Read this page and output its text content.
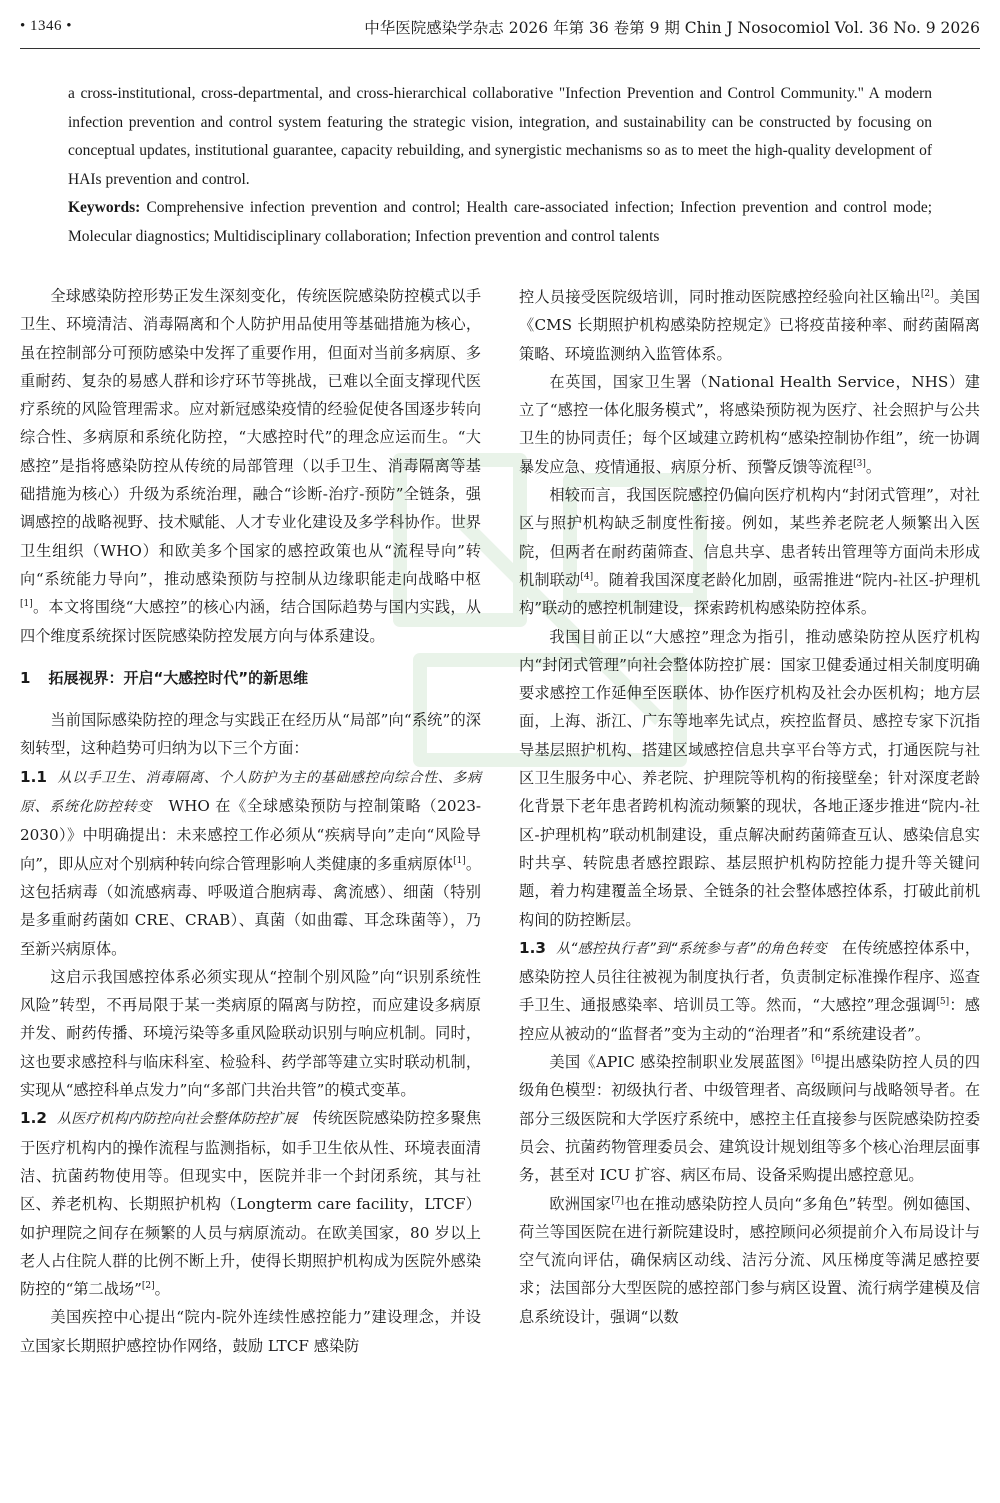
• 1346 •	中华医院感染学杂志 2026 年第 36 卷第 9 期 Chin J Nosocomiol Vol. 36 No. 9 2026

a cross-institutional, cross-departmental, and cross-hierarchical collaborative "Infection Prevention and Control Community." A modern infection prevention and control system featuring the strategic vision, integration, and sustainability can be constructed by focusing on conceptual updates, institutional guarantee, capacity rebuilding, and synergistic mechanisms so as to meet the high-quality development of HAIs prevention and control.

Keywords: Comprehensive infection prevention and control; Health care-associated infection; Infection prevention and control mode; Molecular diagnostics; Multidisciplinary collaboration; Infection prevention and control talents

全球感染防控形势正发生深刻变化，传统医院感染防控模式以手卫生、环境清洁、消毒隔离和个人防护用品使用等基础措施为核心，虽在控制部分可预防感染中发挥了重要作用，但面对当前多病原、多重耐药、复杂的易感人群和诊疗环节等挑战，已难以全面支撑现代医疗系统的风险管理需求。应对新冠感染疫情的经验促使各国逐步转向综合性、多病原和系统化防控，“大感控时代”的理念应运而生。“大感控”是指将感染防控从传统的局部管理（以手卫生、消毒隔离等基础措施为核心）升级为系统治理，融合“诊断-治疗-预防”全链条，强调感控的战略视野、技术赋能、人才专业化建设及多学科协作。世界卫生组织（WHO）和欧美多个国家的感控政策也从“流程导向”转向“系统能力导向”，推动感染预防与控制从边缘职能走向战略中枢[1]。本文将围绕“大感控”的核心内涵，结合国际趋势与国内实践，从四个维度系统探讨医院感染防控发展方向与体系建设。

1 拓展视界：开启“大感控时代”的新思维

当前国际感染防控的理念与实践正在经历从“局部”向“系统”的深刻转型，这种趋势可归纳为以下三个方面：

1.1 从以手卫生、消毒隔离、个人防护为主的基础感控向综合性、多病原、系统化防控转变 WHO 在《全球感染预防与控制策略（2023-2030）》中明确提出：未来感控工作必须从“疾病导向”走向“风险导向”，即从应对个别病种转向综合管理影响人类健康的多重病原体[1]。这包括病毒（如流感病毒、呼吸道合胞病毒、禽流感）、细菌（特别是多重耐药菌如 CRE、CRAB）、真菌（如曲霉、耳念珠菌等），乃至新兴病原体。

这启示我国感控体系必须实现从“控制个别风险”向“识别系统性风险”转型，不再局限于某一类病原的隔离与防控，而应建设多病原并发、耐药传播、环境污染等多重风险联动识别与响应机制。同时，这也要求感控科与临床科室、检验科、药学部等建立实时联动机制，实现从“感控科单点发力”向“多部门共治共管”的模式变革。

1.2 从医疗机构内防控向社会整体防控扩展 传统医院感染防控多聚焦于医疗机构内的操作流程与监测指标，如手卫生依从性、环境表面清洁、抗菌药物使用等。但现实中，医院并非一个封闭系统，其与社区、养老机构、长期照护机构（Longterm care facility，LTCF）如护理院之间存在频繁的人员与病原流动。在欧美国家，80 岁以上老人占住院人群的比例不断上升，使得长期照护机构成为医院外感染防控的“第二战场”[2]。

美国疾控中心提出“院内-院外连续性感控能力”建设理念，并设立国家长期照护感控协作网络，鼓励 LTCF 感染防

控人员接受医院级培训，同时推动医院感控经验向社区输出[2]。美国《CMS 长期照护机构感染防控规定》已将疫苗接种率、耐药菌隔离策略、环境监测纳入监管体系。

在英国，国家卫生署（National Health Service，NHS）建立了“感控一体化服务模式”，将感染预防视为医疗、社会照护与公共卫生的协同责任；每个区域建立跨机构“感染控制协作组”，统一协调暴发应急、疫情通报、病原分析、预警反馈等流程[3]。

相较而言，我国医院感控仍偏向医疗机构内“封闭式管理”，对社区与照护机构缺乏制度性衔接。例如，某些养老院老人频繁出入医院，但两者在耐药菌筛查、信息共享、患者转出管理等方面尚未形成机制联动[4]。随着我国深度老龄化加剧，亟需推进“院内-社区-护理机构”联动的感控机制建设，探索跨机构感染防控体系。

我国目前正以“大感控”理念为指引，推动感染防控从医疗机构内“封闭式管理”向社会整体防控扩展：国家卫健委通过相关制度明确要求感控工作延伸至医联体、协作医疗机构及社会办医机构；地方层面，上海、浙江、广东等地率先试点，疾控监督员、感控专家下沉指导基层照护机构、搭建区域感控信息共享平台等方式，打通医院与社区卫生服务中心、养老院、护理院等机构的衔接壁垒；针对深度老龄化背景下老年患者跨机构流动频繁的现状，各地正逐步推进“院内-社区-护理机构”联动机制建设，重点解决耐药菌筛查互认、感染信息实时共享、转院患者感控跟踪、基层照护机构防控能力提升等关键问题，着力构建覆盖全场景、全链条的社会整体感控体系，打破此前机构间的防控断层。

1.3 从“感控执行者”到“系统参与者”的角色转变 在传统感控体系中，感染防控人员往往被视为制度执行者，负责制定标准操作程序、巡查手卫生、通报感染率、培训员工等。然而，“大感控”理念强调[5]：感控应从被动的“监督者”变为主动的“治理者”和“系统建设者”。

美国《APIC 感染控制职业发展蓝图》[6]提出感染防控人员的四级角色模型：初级执行者、中级管理者、高级顾问与战略领导者。在部分三级医院和大学医疗系统中，感控主任直接参与医院感染防控委员会、抗菌药物管理委员会、建筑设计规划组等多个核心治理层面事务，甚至对 ICU 扩容、病区布局、设备采购提出感控意见。

欧洲国家[7]也在推动感染防控人员向“多角色”转型。例如德国、荷兰等国医院在进行新院建设时，感控顾问必须提前介入布局设计与空气流向评估，确保病区动线、洁污分流、风压梯度等满足感控要求；法国部分大型医院的感控部门参与病区设置、流行病学建模及信息系统设计，强调“以数
